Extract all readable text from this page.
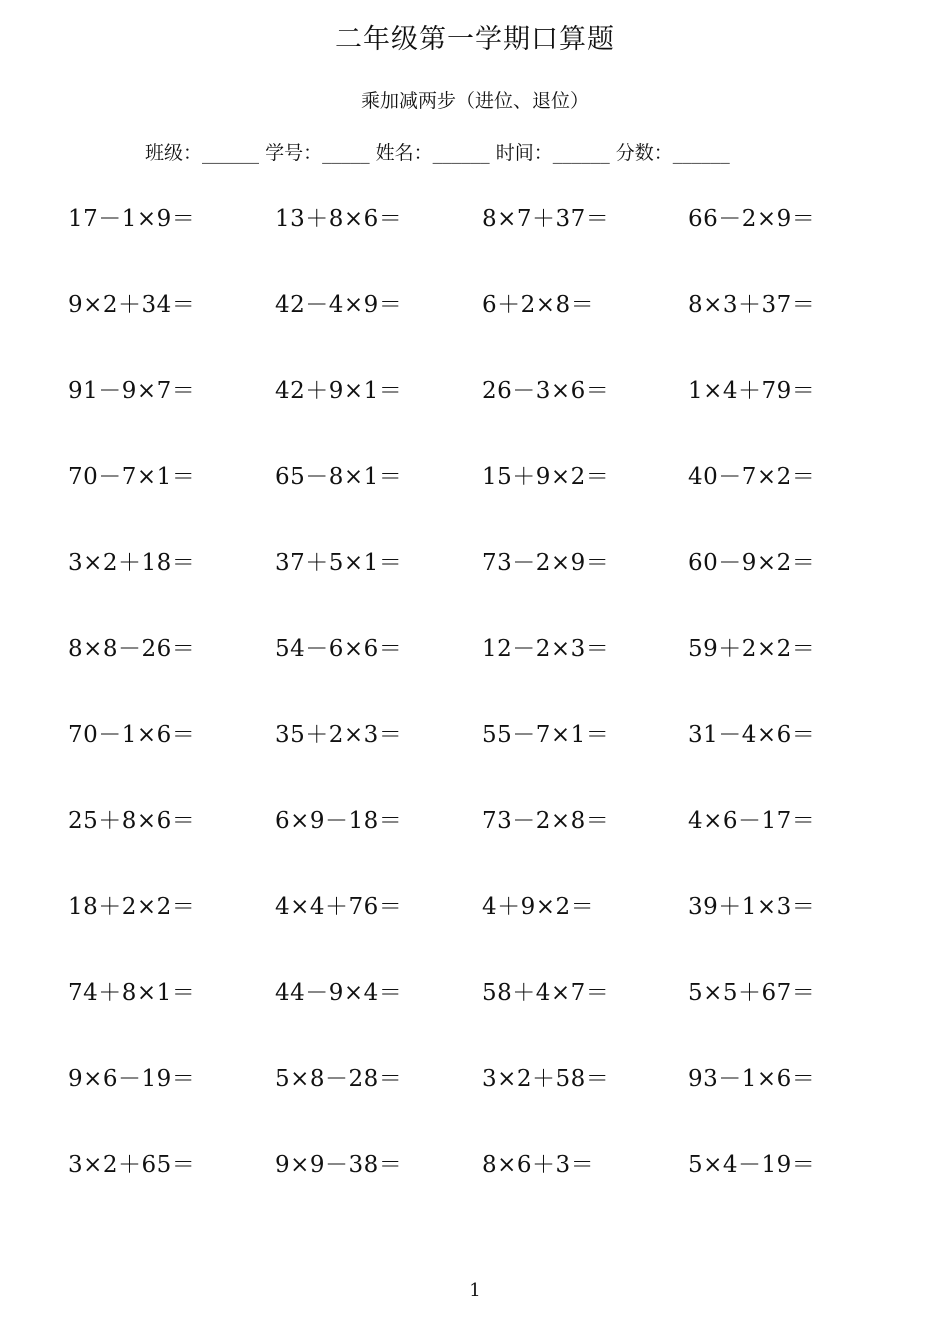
二年级第一学期口算题
乘加减两步（进位、退位）
班级：______ 学号：_____ 姓名：______ 时间：______ 分数：______
17－1×9＝	13＋8×6＝	8×7＋37＝	66－2×9＝
9×2＋34＝	42－4×9＝	6＋2×8＝	8×3＋37＝
91－9×7＝	42＋9×1＝	26－3×6＝	1×4＋79＝
70－7×1＝	65－8×1＝	15＋9×2＝	40－7×2＝
3×2＋18＝	37＋5×1＝	73－2×9＝	60－9×2＝
8×8－26＝	54－6×6＝	12－2×3＝	59＋2×2＝
70－1×6＝	35＋2×3＝	55－7×1＝	31－4×6＝
25＋8×6＝	6×9－18＝	73－2×8＝	4×6－17＝
18＋2×2＝	4×4＋76＝	4＋9×2＝	39＋1×3＝
74＋8×1＝	44－9×4＝	58＋4×7＝	5×5＋67＝
9×6－19＝	5×8－28＝	3×2＋58＝	93－1×6＝
3×2＋65＝	9×9－38＝	8×6＋3＝	5×4－19＝
1
